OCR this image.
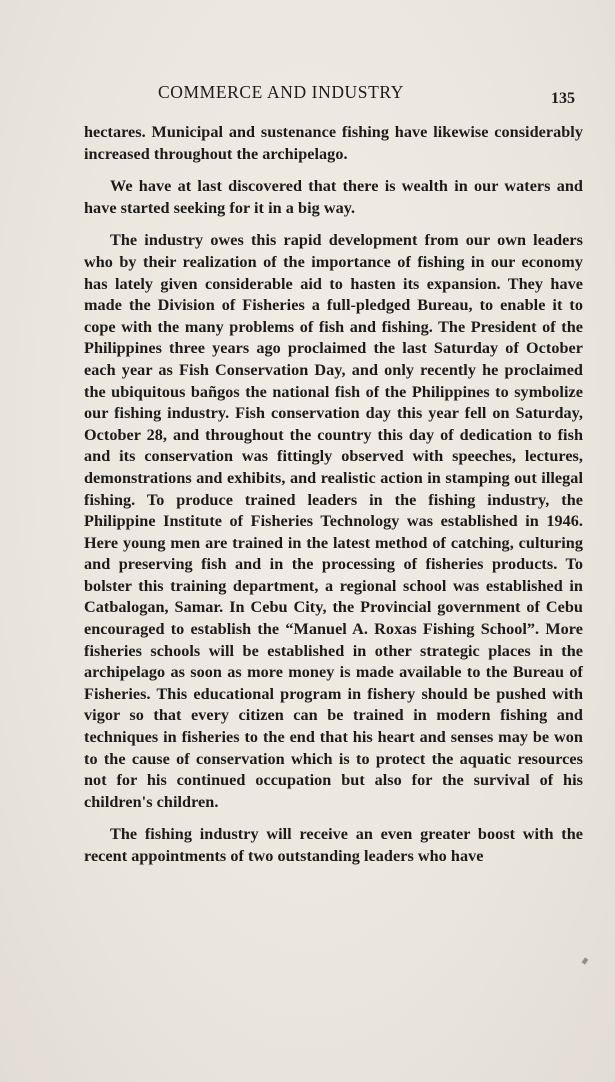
COMMERCE AND INDUSTRY	135

hectares. Municipal and sustenance fishing have likewise considerably increased throughout the archipelago.

We have at last discovered that there is wealth in our waters and have started seeking for it in a big way.

The industry owes this rapid development from our own leaders who by their realization of the importance of fishing in our economy has lately given considerable aid to hasten its expansion. They have made the Division of Fisheries a full-pledged Bureau, to enable it to cope with the many problems of fish and fishing. The President of the Philippines three years ago proclaimed the last Saturday of October each year as Fish Conservation Day, and only recently he proclaimed the ubiquitous bañgos the national fish of the Philippines to symbolize our fishing industry. Fish conservation day this year fell on Saturday, October 28, and throughout the country this day of dedication to fish and its conservation was fittingly observed with speeches, lectures, demonstrations and exhibits, and realistic action in stamping out illegal fishing. To produce trained leaders in the fishing industry, the Philippine Institute of Fisheries Technology was established in 1946. Here young men are trained in the latest method of catching, culturing and preserving fish and in the processing of fisheries products. To bolster this training department, a regional school was established in Catbalogan, Samar. In Cebu City, the Provincial government of Cebu encouraged to establish the “Manuel A. Roxas Fishing School”. More fisheries schools will be established in other strategic places in the archipelago as soon as more money is made available to the Bureau of Fisheries. This educational program in fishery should be pushed with vigor so that every citizen can be trained in modern fishing and techniques in fisheries to the end that his heart and senses may be won to the cause of conservation which is to protect the aquatic resources not for his continued occupation but also for the survival of his children's children.

The fishing industry will receive an even greater boost with the recent appointments of two outstanding leaders who have
